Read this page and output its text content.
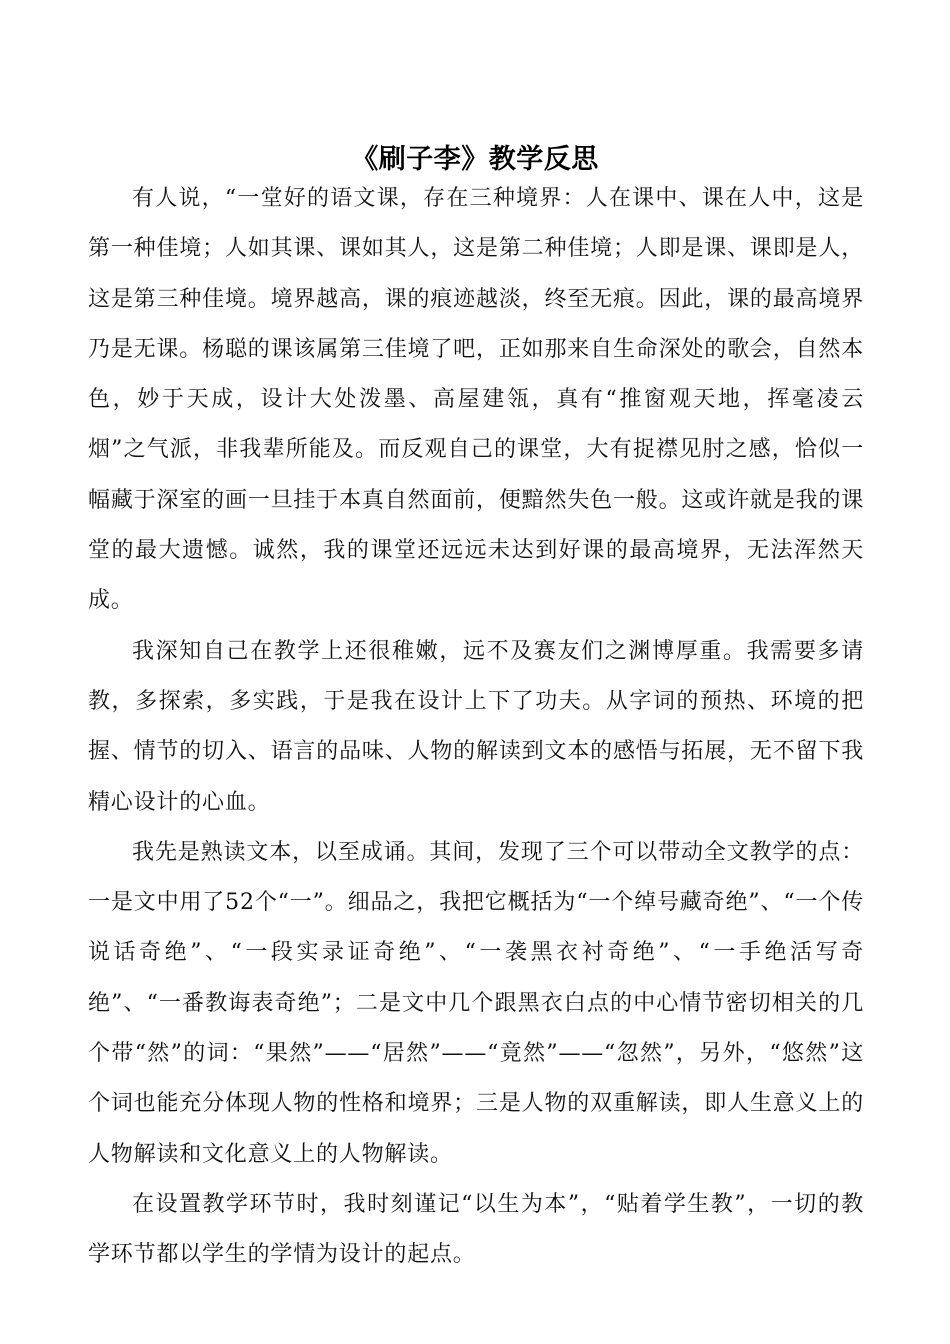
《刷子李》教学反思

有人说，“一堂好的语文课，存在三种境界：人在课中、课在人中，这是第一种佳境；人如其课、课如其人，这是第二种佳境；人即是课、课即是人，这是第三种佳境。境界越高，课的痕迹越淡，终至无痕。因此，课的最高境界乃是无课。杨聪的课该属第三佳境了吧，正如那来自生命深处的歌会，自然本色，妙于天成，设计大处泼墨、高屋建瓴，真有“推窗观天地，挥毫凌云烟”之气派，非我辈所能及。而反观自己的课堂，大有捉襟见肘之感，恰似一幅藏于深室的画一旦挂于本真自然面前，便黯然失色一般。这或许就是我的课堂的最大遗憾。诚然，我的课堂还远远未达到好课的最高境界，无法浑然天成。

我深知自己在教学上还很稚嫩，远不及赛友们之渊博厚重。我需要多请教，多探索，多实践，于是我在设计上下了功夫。从字词的预热、环境的把握、情节的切入、语言的品味、人物的解读到文本的感悟与拓展，无不留下我精心设计的心血。

我先是熟读文本，以至成诵。其间，发现了三个可以带动全文教学的点：一是文中用了52个“一”。细品之，我把它概括为“一个绰号藏奇绝”、“一个传说话奇绝”、“一段实录证奇绝”、“一袭黑衣衬奇绝”、“一手绝活写奇绝”、“一番教诲表奇绝”；二是文中几个跟黑衣白点的中心情节密切相关的几个带“然”的词：“果然”——“居然”——“竟然”——“忽然”，另外，“悠然”这个词也能充分体现人物的性格和境界；三是人物的双重解读，即人生意义上的人物解读和文化意义上的人物解读。

在设置教学环节时，我时刻谨记“以生为本”，“贴着学生教”，一切的教学环节都以学生的学情为设计的起点。
